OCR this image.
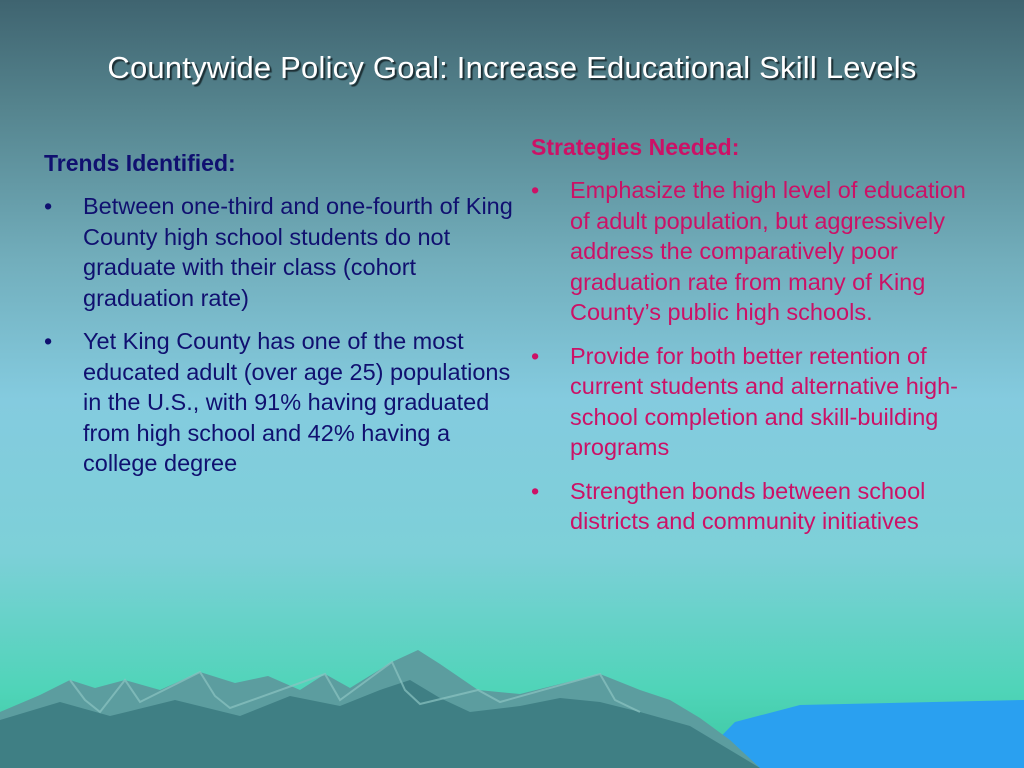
Countywide Policy Goal: Increase Educational Skill Levels
Trends Identified:
• Between one-third and one-fourth of King County high school students do not graduate with their class (cohort graduation rate)
• Yet King County has one of the most educated adult (over age 25) populations in the U.S., with 91% having graduated from high school and 42% having a college degree
Strategies Needed:
• Emphasize the high level of education of adult population, but aggressively address the comparatively poor graduation rate from many of King County’s public high schools.
• Provide for both better retention of current students and alternative high-school completion and skill-building programs
• Strengthen bonds between school districts and community initiatives
